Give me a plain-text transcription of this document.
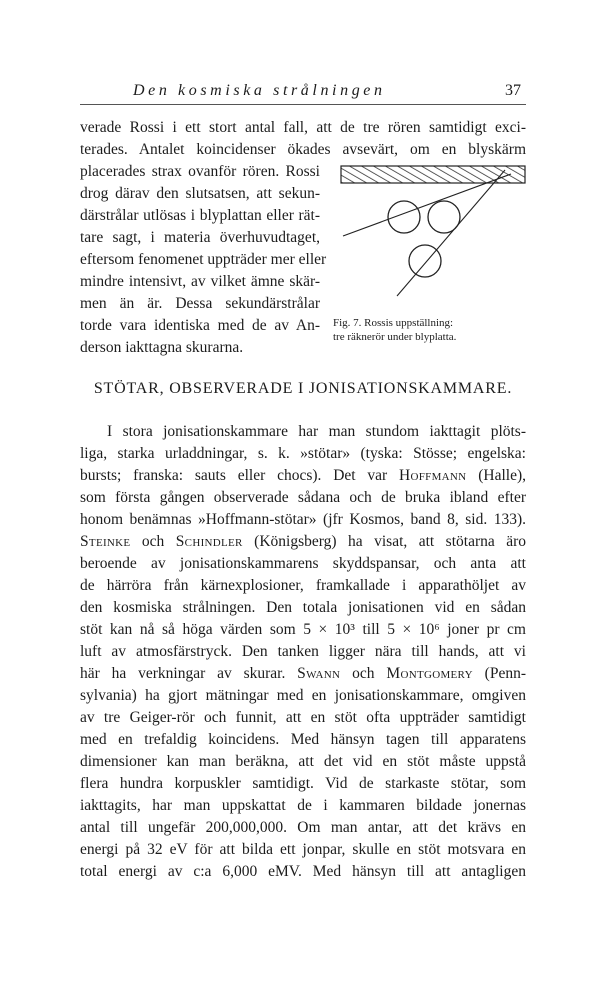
Den kosmiska strålningen	37
verade Rossi i ett stort antal fall, att de tre rören samtidigt exci-
terades. Antalet koincidenser ökades avsevärt, om en blyskärm
placerades strax ovanför rören. Rossi
drog därav den slutsatsen, att sekun-
därstrålar utlösas i blyplattan eller rät-
tare sagt, i materia överhuvudtaget,
eftersom fenomenet uppträder mer eller
mindre intensivt, av vilket ämne skär-
men än är. Dessa sekundärstrålar
torde vara identiska med de av An-
derson iakttagna skurarna.
Fig. 7. Rossis uppställning:
tre räknerör under blyplatta.
STÖTAR, OBSERVERADE I JONISATIONSKAMMARE.
I stora jonisationskammare har man stundom iakttagit plöts-
liga, starka urladdningar, s. k. »stötar» (tyska: Stösse; engelska:
bursts; franska: sauts eller chocs). Det var Hoffmann (Halle),
som första gången observerade sådana och de bruka ibland efter
honom benämnas »Hoffmann-stötar» (jfr Kosmos, band 8, sid. 133).
Steinke och Schindler (Königsberg) ha visat, att stötarna äro
beroende av jonisationskammarens skyddspansar, och anta att
de härröra från kärnexplosioner, framkallade i apparathöljet av
den kosmiska strålningen. Den totala jonisationen vid en sådan
stöt kan nå så höga värden som 5 × 10³ till 5 × 10⁶ joner pr cm
luft av atmosfärstryck. Den tanken ligger nära till hands, att vi
här ha verkningar av skurar. Swann och Montgomery (Penn-
sylvania) ha gjort mätningar med en jonisationskammare, omgiven
av tre Geiger-rör och funnit, att en stöt ofta uppträder samtidigt
med en trefaldig koincidens. Med hänsyn tagen till apparatens
dimensioner kan man beräkna, att det vid en stöt måste uppstå
flera hundra korpuskler samtidigt. Vid de starkaste stötar, som
iakttagits, har man uppskattat de i kammaren bildade jonernas
antal till ungefär 200,000,000. Om man antar, att det krävs en
energi på 32 eV för att bilda ett jonpar, skulle en stöt motsvara en
total energi av c:a 6,000 eMV. Med hänsyn till att antagligen
